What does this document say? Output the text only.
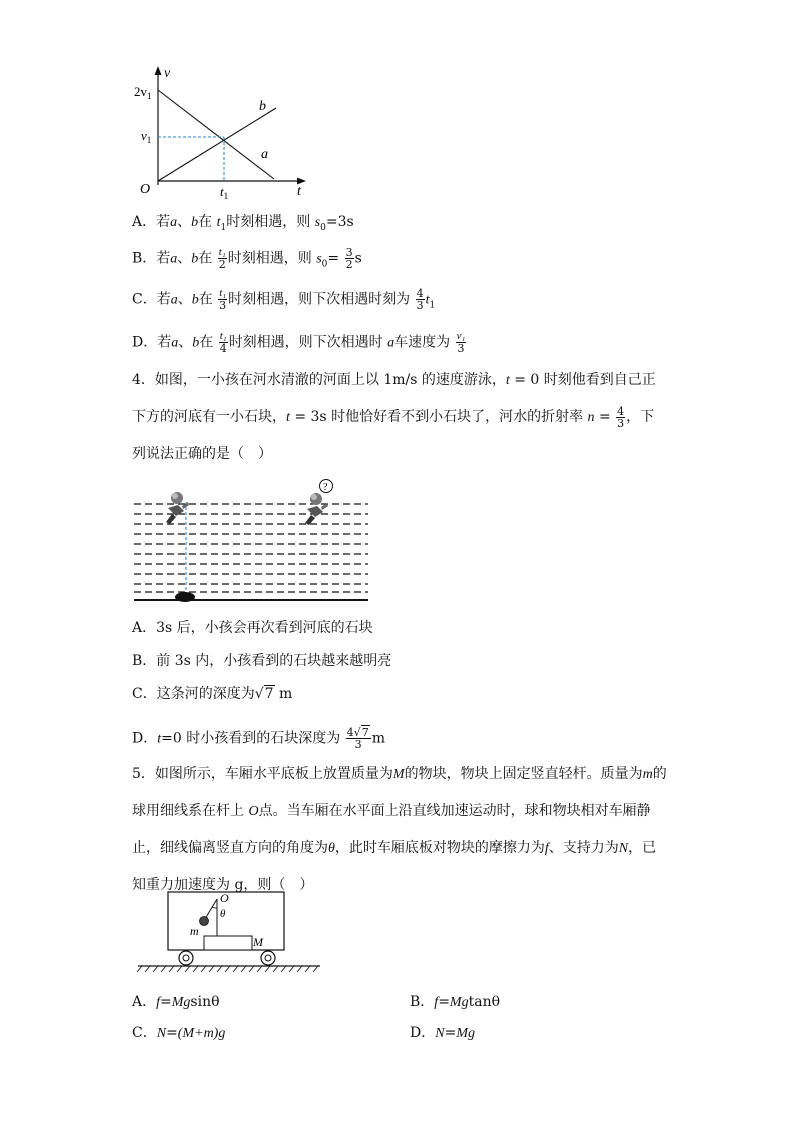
v
t
O
$2v_1$
$v_1$
$t_1$
b
a
A．若a、b在 $t_1$时刻相遇，则 $s_0=3s$
B．若a、b在 $\frac{\text{t₁}}{2}$ 时刻相遇，则 $s_0= \frac{3}{2}$ s
C．若a、b在 $\frac{\text{t₁}}{3}$ 时刻相遇，则下次相遇时刻为 $\frac{4}{3} t_1$
D．若a、b在 $\frac{\text{t₁}}{4}$ 时刻相遇，则下次相遇时 a车速度为 $\frac{\text{v₁}}{3}$
4．如图，一小孩在河水清澈的河面上以 1m/s 的速度游泳，t = 0 时刻他看到自己正下方的河底有一小石块，t = 3s 时他恰好看不到小石块了，河水的折射率 $n = \frac{4}{3}$ ，下列说法正确的是（　）
?
A．3s 后，小孩会再次看到河底的石块
B．前 3s 内，小孩看到的石块越来越明亮
C．这条河的深度为√7 m
D．t=0 时小孩看到的石块深度为 $\frac{4√7}{3}$ m
5．如图所示，车厢水平底板上放置质量为M的物块，物块上固定竖直轻杆。质量为m的球用细线系在杆上 O点。当车厢在水平面上沿直线加速运动时，球和物块相对车厢静止，细线偏离竖直方向的角度为θ，此时车厢底板对物块的摩擦力为f、支持力为N，已知重力加速度为 g，则（　）
O
θ
m
M
A．f=Mgsinθ	B．f=Mgtanθ
C．N=(M+m)g	D．N=Mg
